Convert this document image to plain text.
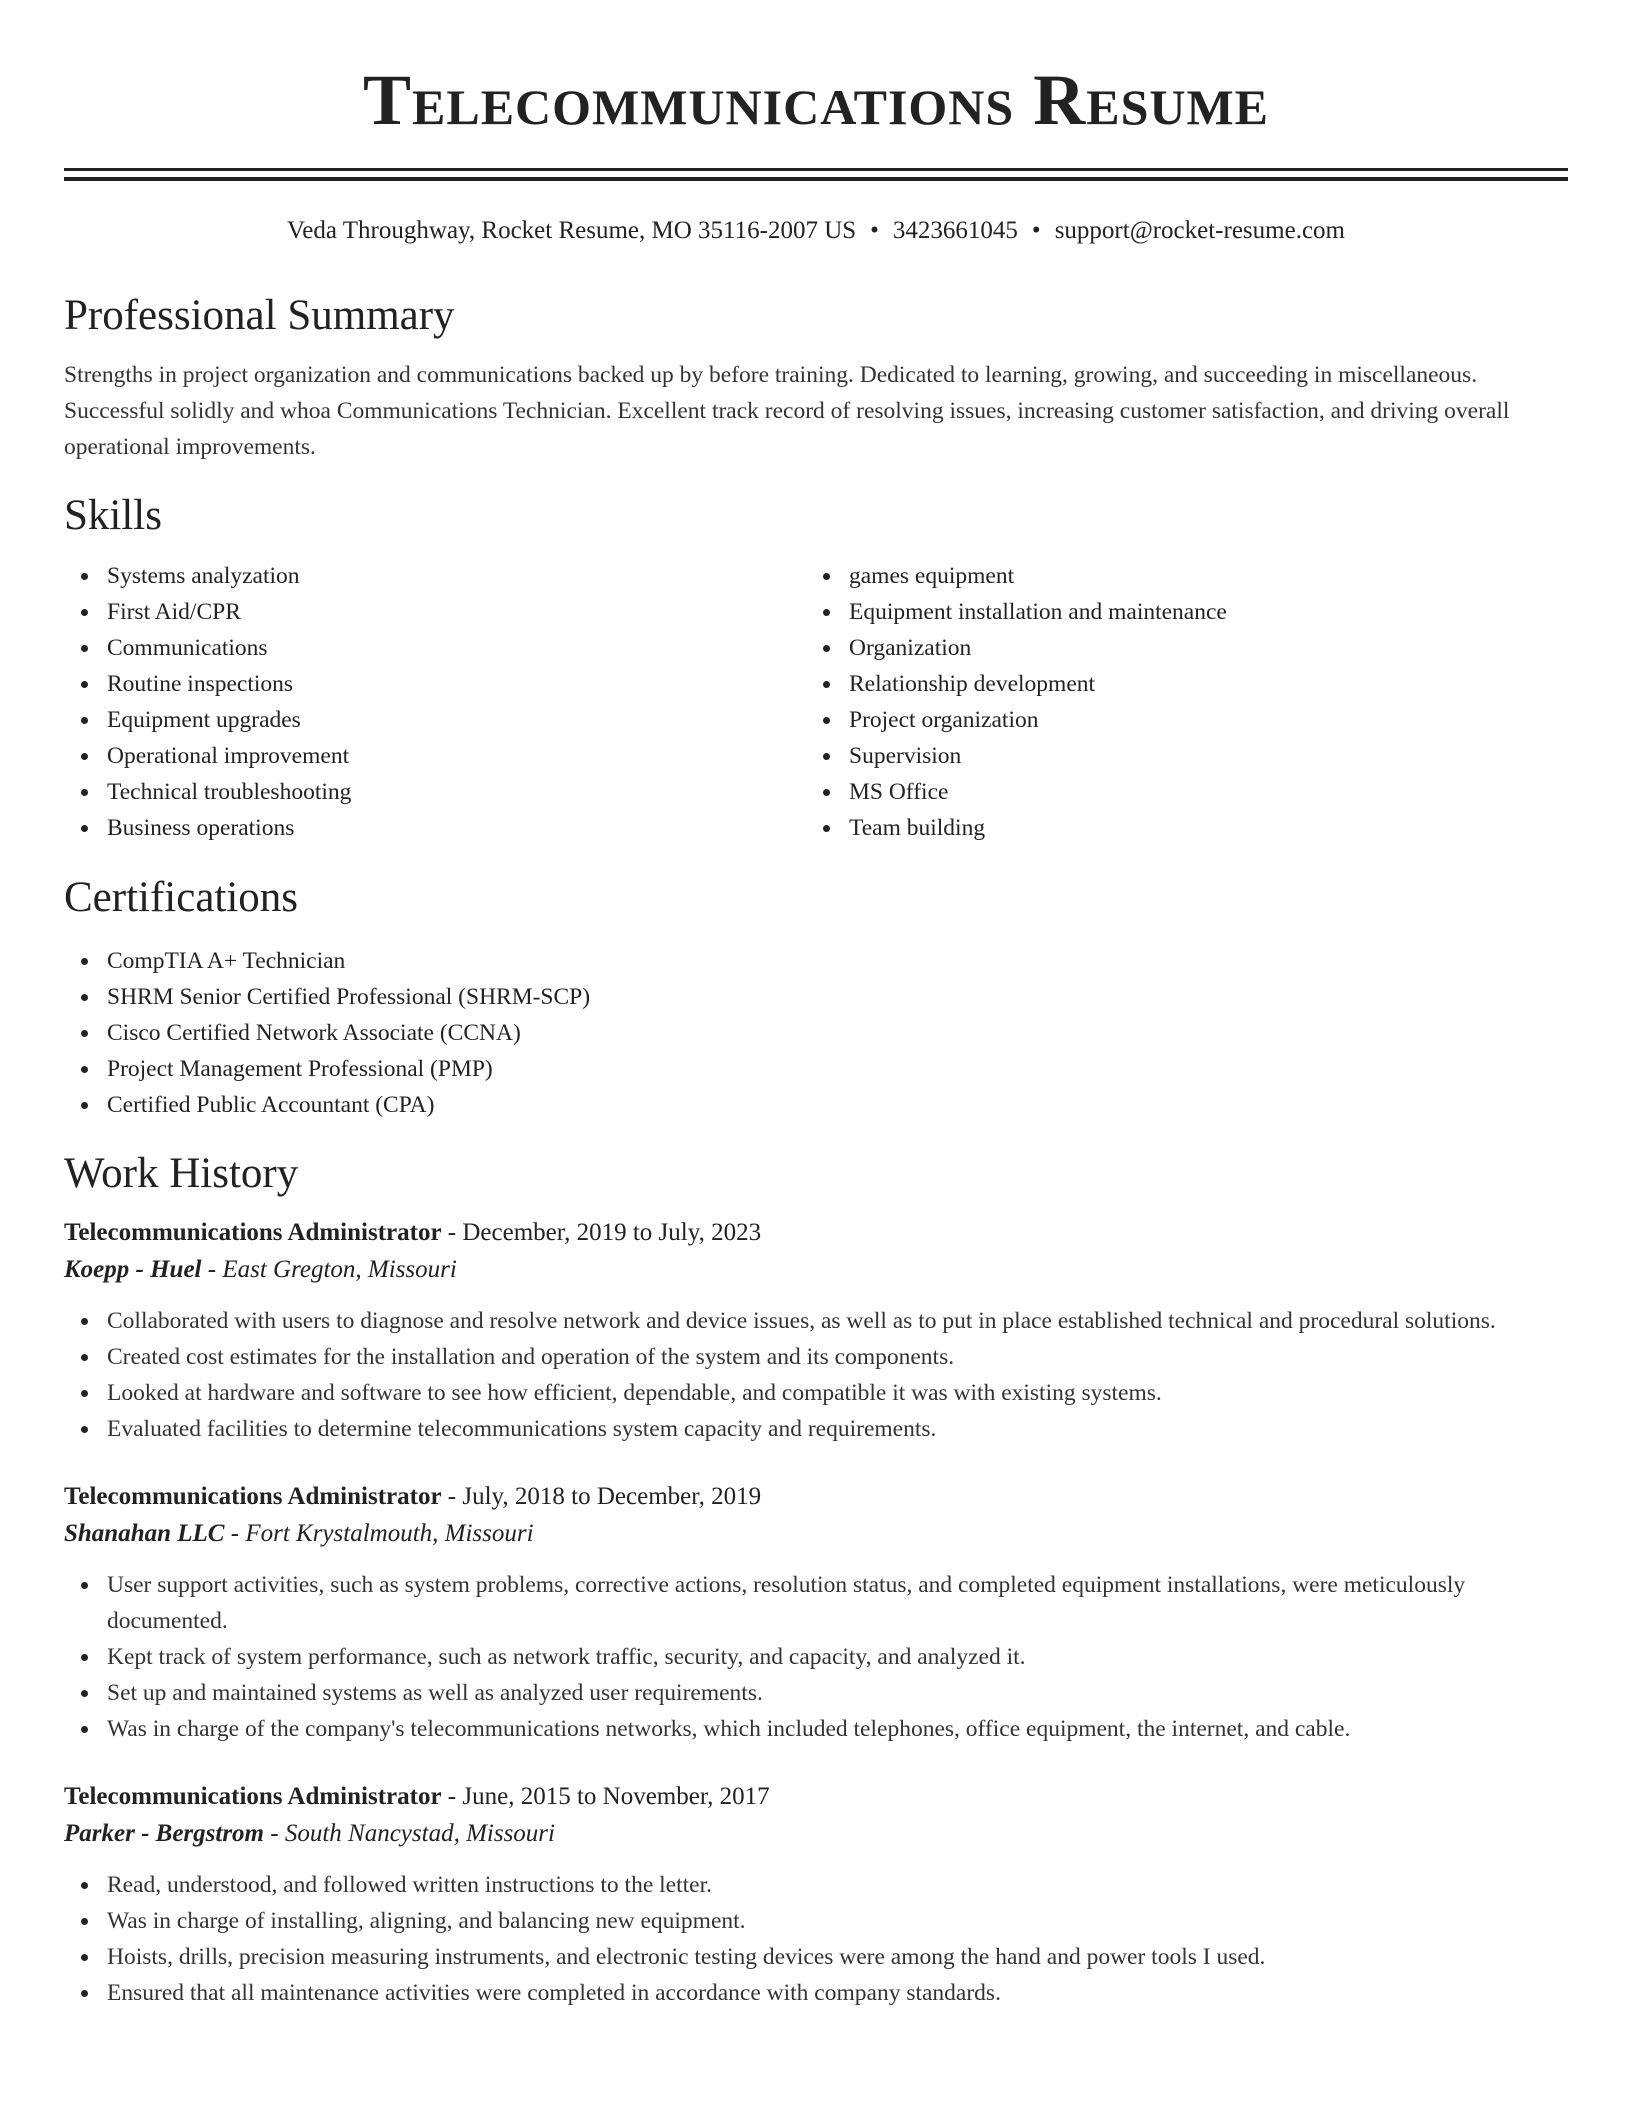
Telecommunications Resume
Veda Throughway, Rocket Resume, MO 35116-2007 US • 3423661045 • support@rocket-resume.com
Professional Summary

Strengths in project organization and communications backed up by before training. Dedicated to learning, growing, and succeeding in miscellaneous. Successful solidly and whoa Communications Technician. Excellent track record of resolving issues, increasing customer satisfaction, and driving overall operational improvements.

Skills
Systems analyzation
First Aid/CPR
Communications
Routine inspections
Equipment upgrades
Operational improvement
Technical troubleshooting
Business operations
games equipment
Equipment installation and maintenance
Organization
Relationship development
Project organization
Supervision
MS Office
Team building
Certifications
CompTIA A+ Technician
SHRM Senior Certified Professional (SHRM-SCP)
Cisco Certified Network Associate (CCNA)
Project Management Professional (PMP)
Certified Public Accountant (CPA)
Work History
Telecommunications Administrator - December, 2019 to July, 2023
Koepp - Huel - East Gregton, Missouri
Collaborated with users to diagnose and resolve network and device issues, as well as to put in place established technical and procedural solutions.
Created cost estimates for the installation and operation of the system and its components.
Looked at hardware and software to see how efficient, dependable, and compatible it was with existing systems.
Evaluated facilities to determine telecommunications system capacity and requirements.
Telecommunications Administrator - July, 2018 to December, 2019
Shanahan LLC - Fort Krystalmouth, Missouri
User support activities, such as system problems, corrective actions, resolution status, and completed equipment installations, were meticulously documented.
Kept track of system performance, such as network traffic, security, and capacity, and analyzed it.
Set up and maintained systems as well as analyzed user requirements.
Was in charge of the company's telecommunications networks, which included telephones, office equipment, the internet, and cable.
Telecommunications Administrator - June, 2015 to November, 2017
Parker - Bergstrom - South Nancystad, Missouri
Read, understood, and followed written instructions to the letter.
Was in charge of installing, aligning, and balancing new equipment.
Hoists, drills, precision measuring instruments, and electronic testing devices were among the hand and power tools I used.
Ensured that all maintenance activities were completed in accordance with company standards.
